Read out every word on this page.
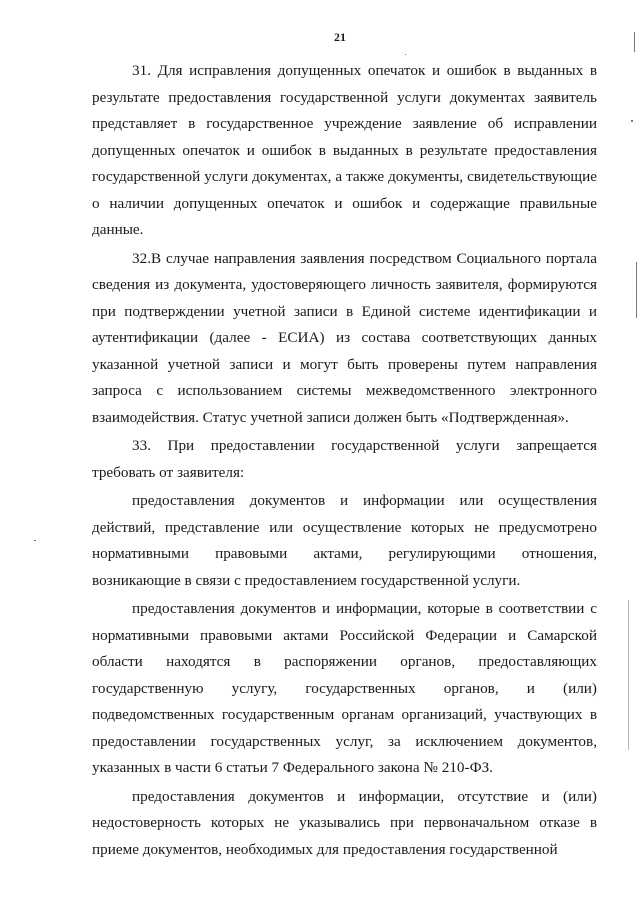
21

31. Для исправления допущенных опечаток и ошибок в выданных в результате предоставления государственной услуги документах заявитель представляет в государственное учреждение заявление об исправлении допущенных опечаток и ошибок в выданных в результате предоставления государственной услуги документах, а также документы, свидетельствующие о наличии допущенных опечаток и ошибок и содержащие правильные данные.

32.В случае направления заявления посредством Социального портала сведения из документа, удостоверяющего личность заявителя, формируются при подтверждении учетной записи в Единой системе идентификации и аутентификации (далее - ЕСИА) из состава соответствующих данных указанной учетной записи и могут быть проверены путем направления запроса с использованием системы межведомственного электронного взаимодействия. Статус учетной записи должен быть «Подтвержденная».

33. При предоставлении государственной услуги запрещается требовать от заявителя:

предоставления документов и информации или осуществления действий, представление или осуществление которых не предусмотрено нормативными правовыми актами, регулирующими отношения, возникающие в связи с предоставлением государственной услуги.

предоставления документов и информации, которые в соответствии с нормативными правовыми актами Российской Федерации и Самарской области находятся в распоряжении органов, предоставляющих государственную услугу, государственных органов, и (или) подведомственных государственным органам организаций, участвующих в предоставлении государственных услуг, за исключением документов, указанных в части 6 статьи 7 Федерального закона № 210-ФЗ.

предоставления документов и информации, отсутствие и (или) недостоверность которых не указывались при первоначальном отказе в приеме документов, необходимых для предоставления государственной
